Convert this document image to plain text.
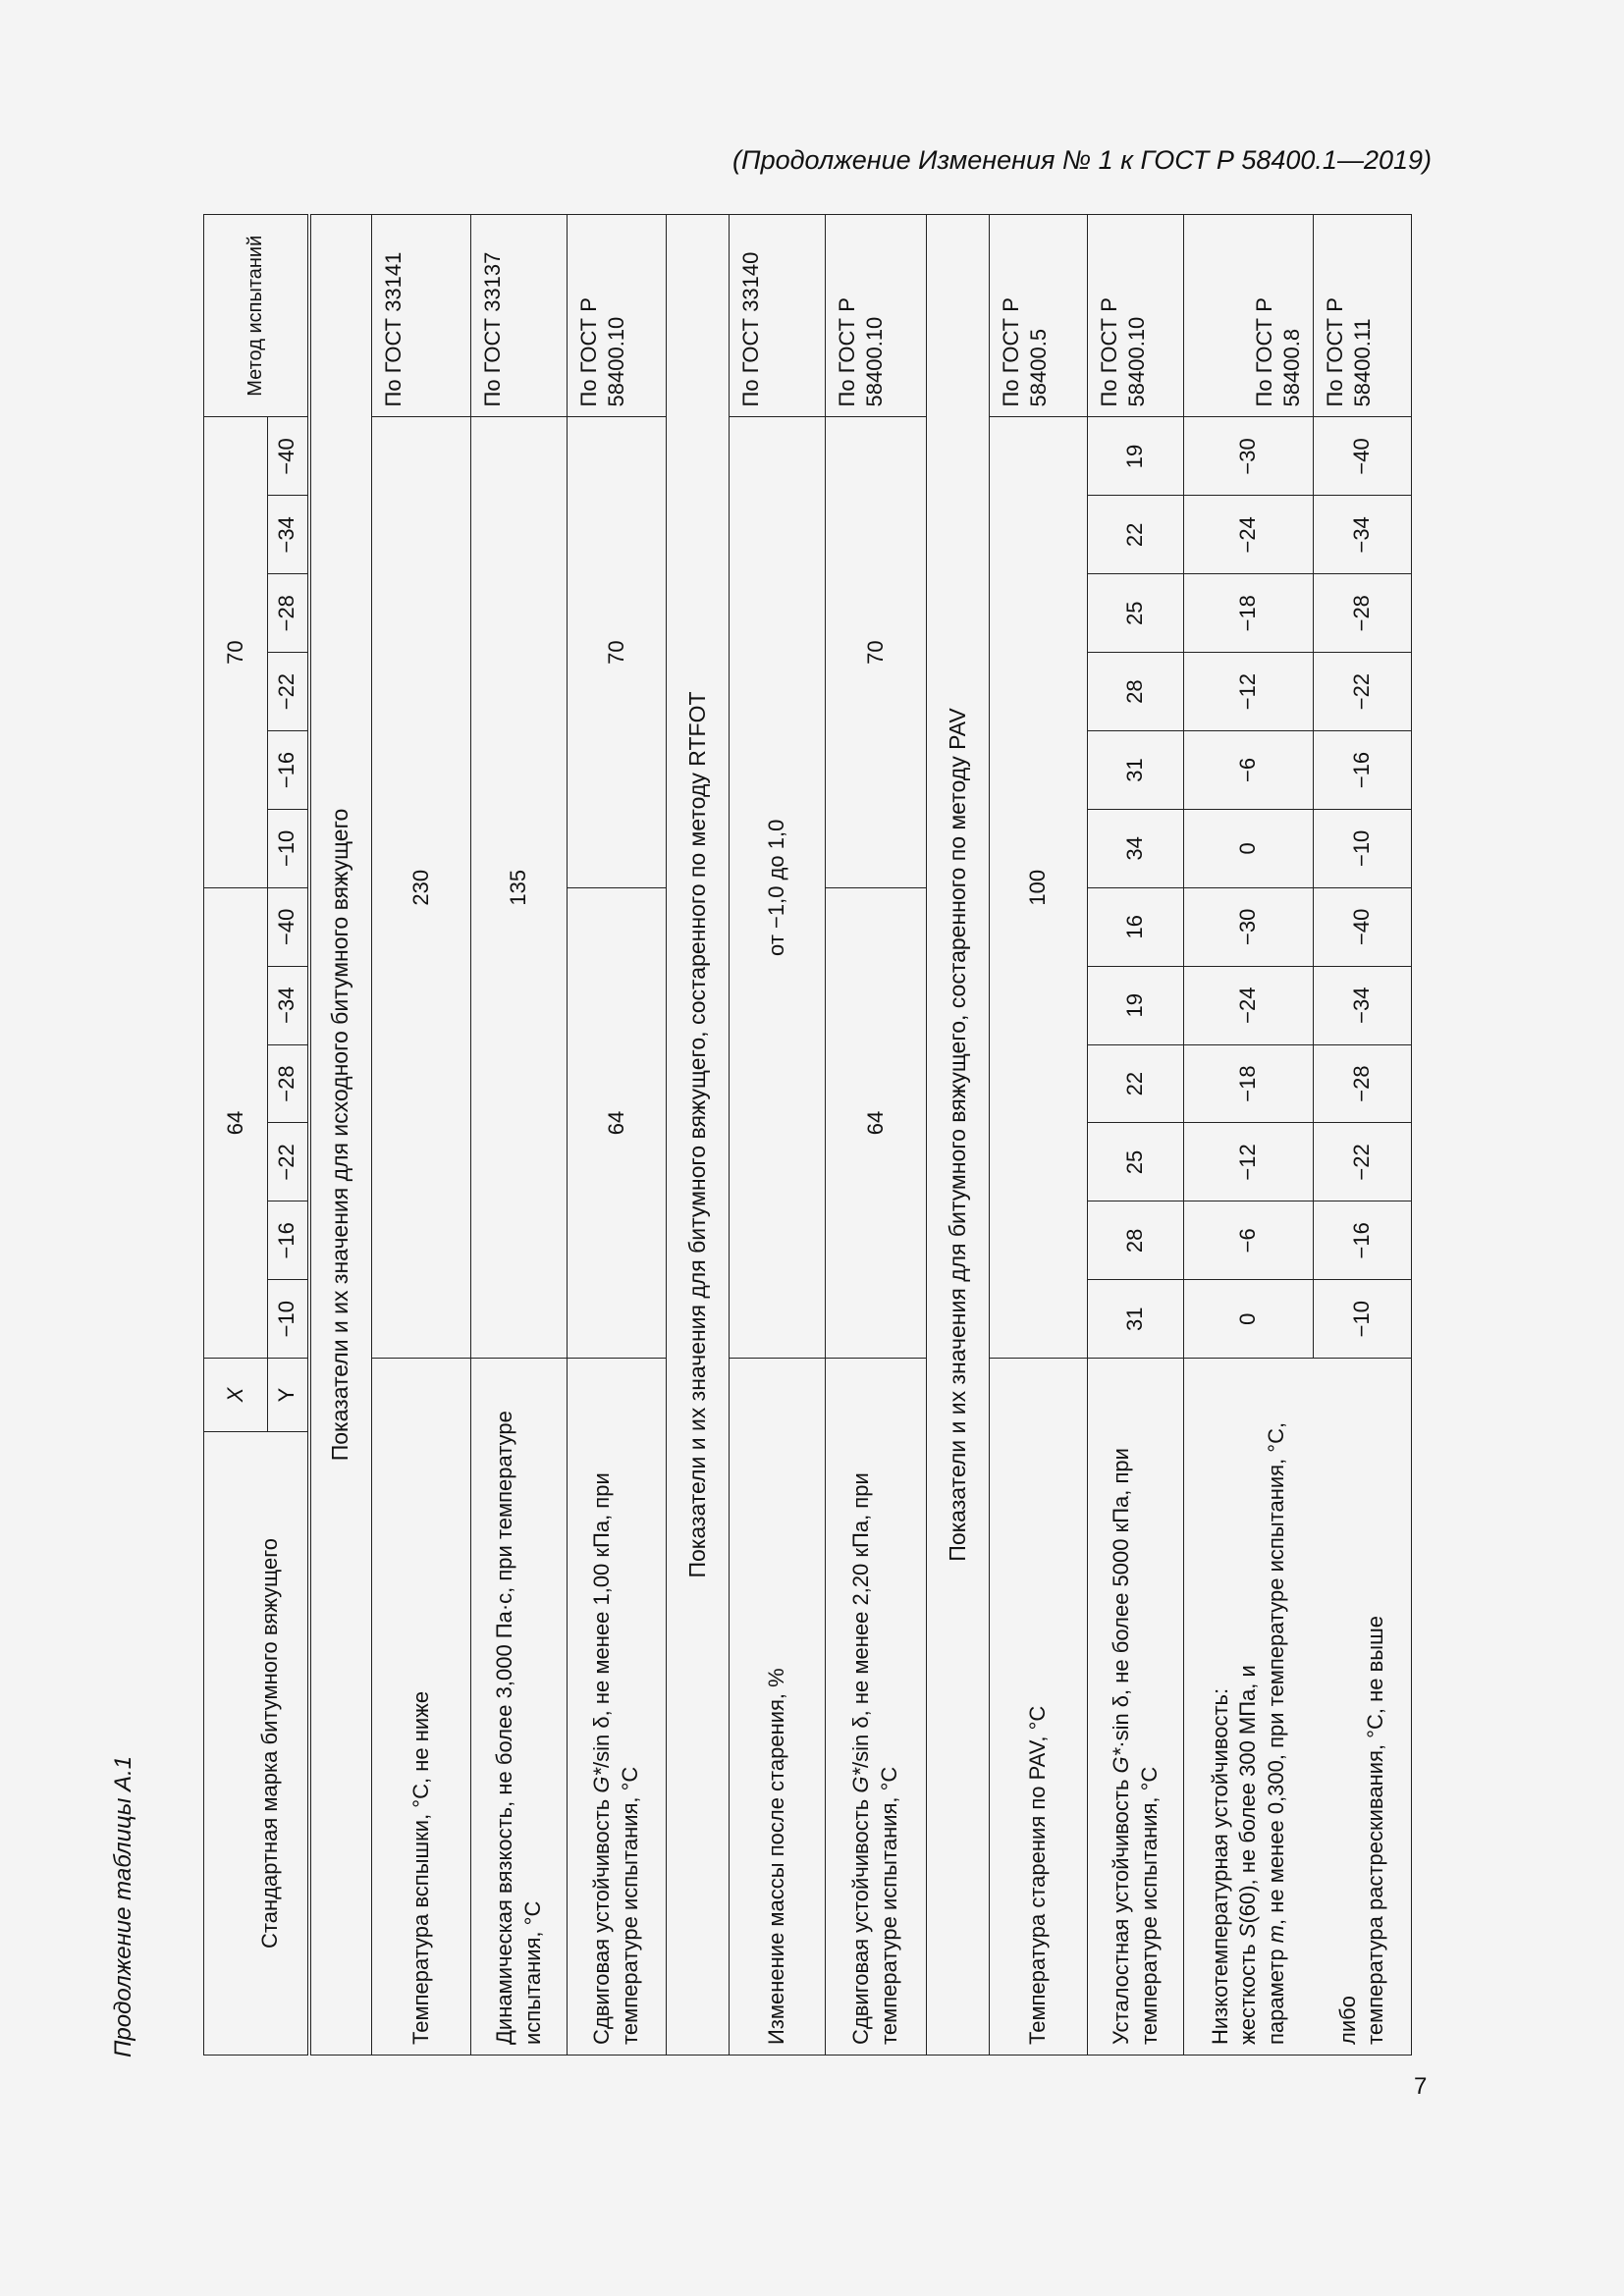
(Продолжение Изменения № 1 к ГОСТ Р 58400.1—2019)
Продолжение таблицы А.1
7
Стандартная марка битумного вяжущего	X	64						70						Метод испытаний
	Y	−10	−16	−22	−28	−34	−40	−10	−16	−22	−28	−34	−40	
Показатели и их значения для исходного битумного вяжущего														
Температура вспышки, °С, не ниже		230												По ГОСТ 33141
Динамическая вязкость, не более 3,000 Па·с, при температуре испытания, °С		135												По ГОСТ 33137
Сдвиговая устойчивость G*/sin δ, не менее 1,00 кПа, при температуре испытания, °С		64						70						По ГОСТ Р 58400.10
Показатели и их значения для битумного вяжущего, состаренного по методу RTFOT														
Изменение массы после старения, %		от −1,0 до 1,0												По ГОСТ 33140
Сдвиговая устойчивость G*/sin δ, не менее 2,20 кПа, при температуре испытания, °С		64						70						По ГОСТ Р 58400.10
Показатели и их значения для битумного вяжущего, состаренного по методу PAV														
Температура старения по PAV, °С		100												По ГОСТ Р 58400.5
Усталостная устойчивость G*·sin δ, не более 5000 кПа, при температуре испытания, °С		31	28	25	22	19	16	34	31	28	25	22	19	По ГОСТ Р 58400.10

Низкотемпературная устойчивость: жесткость S(60), не более 300 МПа, и
параметр m, не менее 0,300, при температуре испытания, °С,		0	−6	−12	−18	−24	−30	0	−6	−12	−18	−24	−30	По ГОСТ Р 58400.8

либо температура растрескивания, °С, не выше		−10	−16	−22	−28	−34	−40	−10	−16	−22	−28	−34	−40	По ГОСТ Р 58400.11
